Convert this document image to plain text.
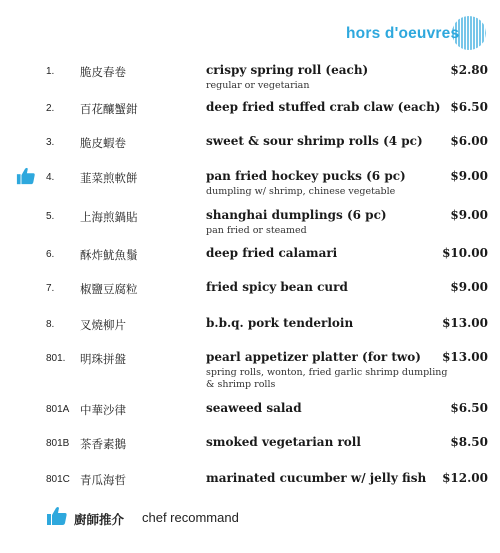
hors d'oeuvres
1. 脆皮春卷	crispy spring roll (each)
regular or vegetarian
$2.80
2. 百花釀蟹鉗	deep fried stuffed crab claw (each) $6.50
3. 脆皮蝦卷	sweet & sour shrimp rolls (4 pc) $6.00
4. 韮菜煎軟餅	pan fried hockey pucks (6 pc)
dumpling w/ shrimp, chinese vegetable
$9.00
5. 上海煎鍋貼	shanghai dumplings (6 pc)
pan fried or steamed
$9.00
6. 酥炸魷魚鬚	deep fried calamari	$10.00
7. 椒鹽豆腐粒	fried spicy bean curd	$9.00
8. 叉燒柳片	b.b.q. pork tenderloin	$13.00
801. 明珠拼盤	pearl appetizer platter (for two)
spring rolls, wonton, fried garlic shrimp dumpling & shrimp rolls
$13.00
801A 中華沙律	seaweed salad	$6.50
801B 茶香素鵝	smoked vegetarian roll	$8.50
801C 青瓜海哲	marinated cucumber w/ jelly fish $12.00
廚師推介 chef recommand
